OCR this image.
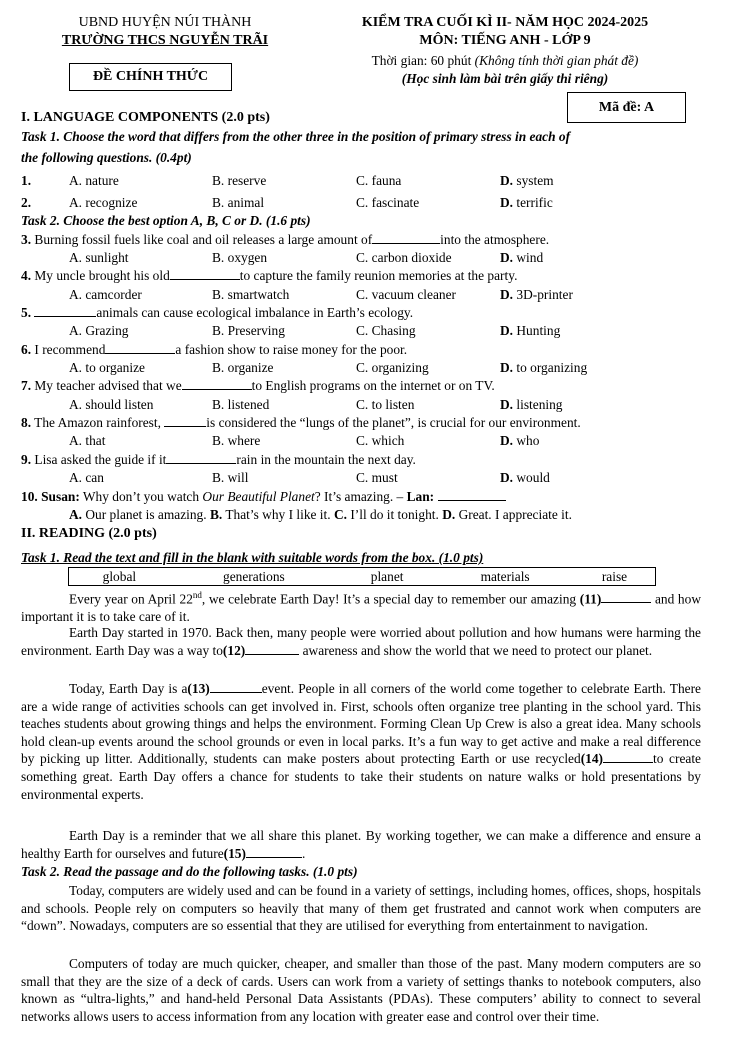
UBND HUYỆN NÚI THÀNH
TRƯỜNG THCS NGUYỄN TRÃI
ĐỀ CHÍNH THỨC
KIỂM TRA CUỐI KÌ II- NĂM HỌC 2024-2025
MÔN: TIẾNG ANH - LỚP 9
Thời gian: 60 phút (Không tính thời gian phát đề)
(Học sinh làm bài trên giấy thi riêng)
Mã đề: A
I. LANGUAGE COMPONENTS (2.0 pts)
Task 1. Choose the word that differs from the other three in the position of primary stress in each of
the following questions. (0.4pt)
1.	A. nature	B. reserve	C. fauna	D. system
2.	A. recognize	B. animal	C. fascinate	D. terrific
Task 2. Choose the best option A, B, C or D. (1.6 pts)
3. Burning fossil fuels like coal and oil releases a large amount of	into the atmosphere.
A. sunlight	B. oxygen	C. carbon dioxide	D. wind
4. My uncle brought his old	to capture the family reunion memories at the party.
A. camcorder	B. smartwatch	C. vacuum cleaner	D. 3D-printer
5.	animals can cause ecological imbalance in Earth’s ecology.
A. Grazing	B. Preserving	C. Chasing	D. Hunting
6. I recommend	a fashion show to raise money for the poor.
A. to organize	B. organize	C. organizing	D. to organizing
7. My teacher advised that we	to English programs on the internet or on TV.
A. should listen	B. listened	C. to listen	D. listening
8. The Amazon rainforest,	is considered the “lungs of the planet”, is crucial for our environment.
A. that	B. where	C. which	D. who
9. Lisa asked the guide if it	rain in the mountain the next day.
A. can	B. will	C. must	D. would
10. Susan: Why don’t you watch Our Beautiful Planet? It’s amazing. – Lan:
A. Our planet is amazing. B. That’s why I like it. C. I’ll do it tonight. D. Great. I appreciate it.
II. READING (2.0 pts)
Task 1. Read the text and fill in the blank with suitable words from the box. (1.0 pts)
global	generations	planet	materials	raise
Every year on April 22nd, we celebrate Earth Day! It’s a special day to remember our amazing (11)	and how important it is to take care of it.
Earth Day started in 1970. Back then, many people were worried about pollution and how humans were harming the environment. Earth Day was a way to(12)	awareness and show the world that we need to protect our planet.
Today, Earth Day is a(13)	event. People in all corners of the world come together to celebrate Earth. There are a wide range of activities schools can get involved in. First, schools often organize tree planting in the school yard. This teaches students about growing things and helps the environment. Forming Clean Up Crew is also a great idea. Many schools hold clean-up events around the school grounds or even in local parks. It’s a fun way to get active and make a real difference by picking up litter. Additionally, students can make posters about protecting Earth or use recycled(14)	to create something great. Earth Day offers a chance for students to take their students on nature walks or hold presentations by environmental experts.
Earth Day is a reminder that we all share this planet. By working together, we can make a difference and ensure a healthy Earth for ourselves and future(15)	.
Task 2. Read the passage and do the following tasks. (1.0 pts)
Today, computers are widely used and can be found in a variety of settings, including homes, offices, shops, hospitals and schools. People rely on computers so heavily that many of them get frustrated and cannot work when computers are “down”. Nowadays, computers are so essential that they are utilised for everything from entertainment to navigation.
Computers of today are much quicker, cheaper, and smaller than those of the past. Many modern computers are so small that they are the size of a deck of cards. Users can work from a variety of settings thanks to notebook computers, also known as “ultra-lights,” and hand-held Personal Data Assistants (PDAs). These computers’ ability to connect to several networks allows users to access information from any location with greater ease and control over their time.
